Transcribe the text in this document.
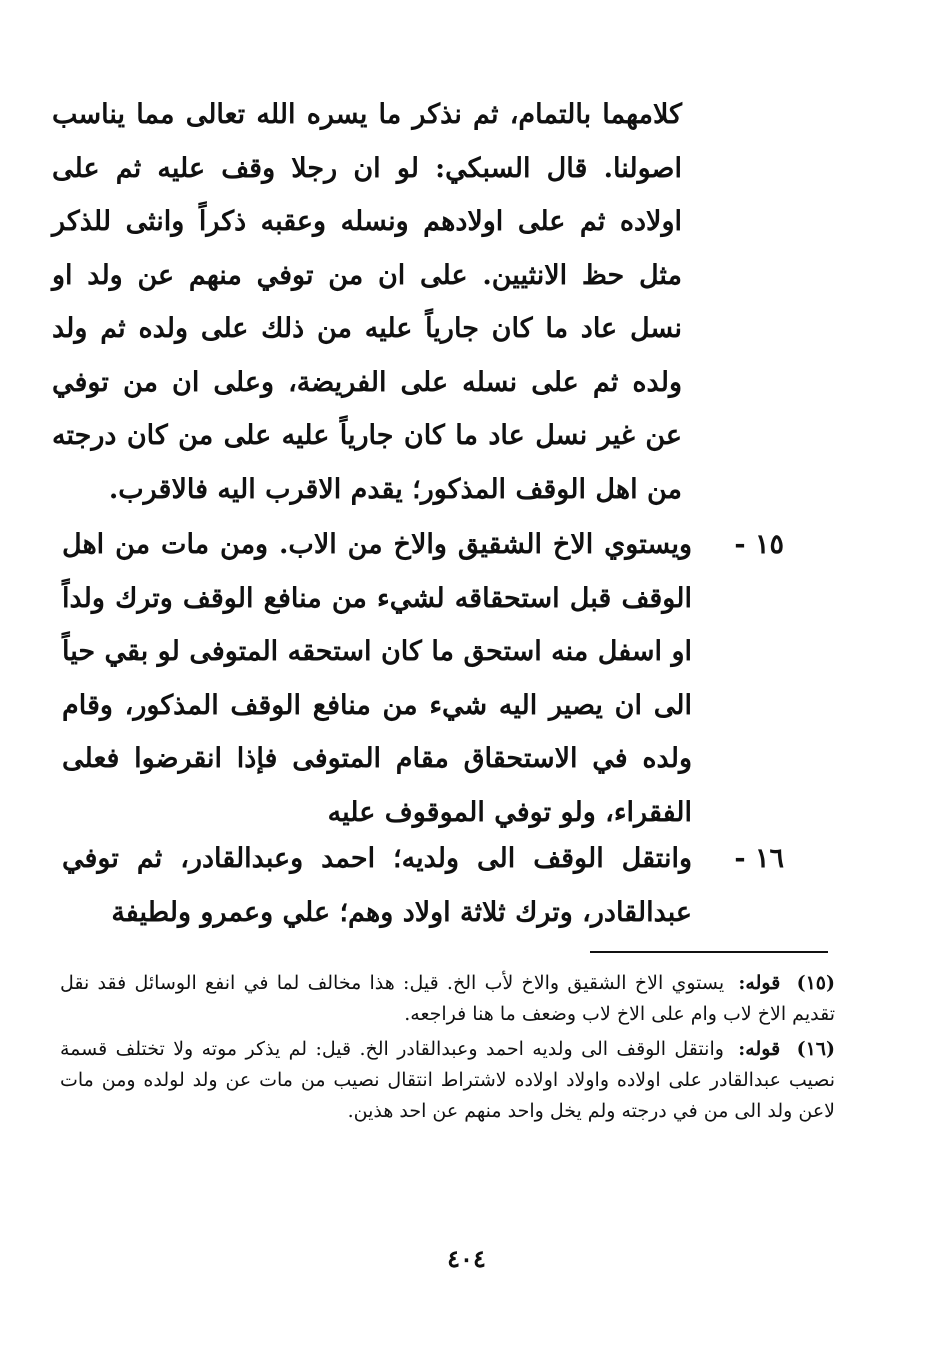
كلامهما بالتمام، ثم نذكر ما يسره الله تعالى مما يناسب اصولنا. قال السبكي: لو ان رجلا وقف عليه ثم على اولاده ثم على اولادهم ونسله وعقبه ذكراً وانثى للذكر مثل حظ الانثيين. على ان من توفي منهم عن ولد او نسل عاد ما كان جارياً عليه من ذلك على ولده ثم ولد ولده ثم على نسله على الفريضة، وعلى ان من توفي عن غير نسل عاد ما كان جارياً عليه على من كان درجته من اهل الوقف المذكور؛ يقدم الاقرب اليه فالاقرب.

١٥ -
ويستوي الاخ الشقيق والاخ من الاب. ومن مات من اهل الوقف قبل استحقاقه لشيء من منافع الوقف وترك ولداً او اسفل منه استحق ما كان استحقه المتوفى لو بقي حياً الى ان يصير اليه شيء من منافع الوقف المذكور، وقام ولده في الاستحقاق مقام المتوفى فإذا انقرضوا فعلى الفقراء، ولو توفي الموقوف عليه
١٦ -
وانتقل الوقف الى ولديه؛ احمد وعبدالقادر، ثم توفي عبدالقادر، وترك ثلاثة اولاد وهم؛ علي وعمرو ولطيفة

(١٥) قوله: يستوي الاخ الشقيق والاخ لأب الخ. قيل: هذا مخالف لما في انفع الوسائل فقد نقل تقديم الاخ لاب وام على الاخ لاب وضعف ما هنا فراجعه.

(١٦) قوله: وانتقل الوقف الى ولديه احمد وعبدالقادر الخ. قيل: لم يذكر موته ولا تختلف قسمة نصيب عبدالقادر على اولاده واولاد اولاده لاشتراط انتقال نصيب من مات عن ولد لولده ومن مات لاعن ولد الى من في درجته ولم يخل واحد منهم عن احد هذين.

٤٠٤
